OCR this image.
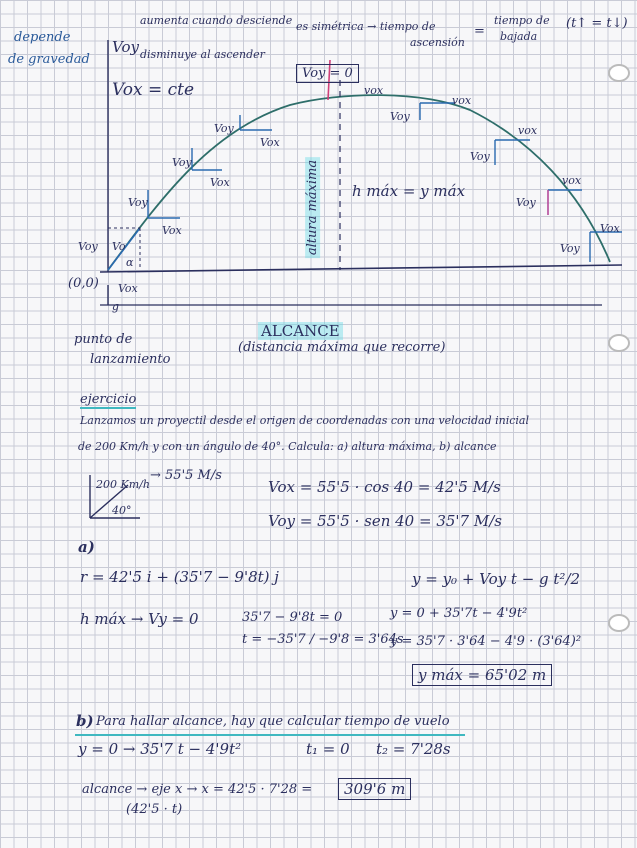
depende
de gravedad
Voy
aumenta cuando desciende
disminuye al ascender
Vox = cte
(0,0)
Voy Vo
α
Vox
g
punto de
lanzamiento
es simétrica → tiempo de
ascensión
=
tiempo de
bajada
(t↑ = t↓)
Voy = 0
Voy
Vox
Voy
Vox
Voy
Vox
vox
vox
Voy
vox
Voy
vox
Voy
Vox
Voy
altura máxima h máx = y máx
ALCANCE
(distancia máxima que recorre)
ejercicio
Lanzamos un proyectil desde el origen de coordenadas con una velocidad inicial
de 200 Km/h y con un ángulo de 40°. Calcula: a) altura máxima, b) alcance
200 Km/h
→ 55'5 M/s
40°
Vox = 55'5 · cos 40 = 42'5 M/s
Voy = 55'5 · sen 40 = 35'7 M/s
a)
r = 42'5 i + (35'7 − 9'8t) j	y = y₀ + Voy t − g t²/2
h máx → Vy = 0	35'7 − 9'8t = 0
t = −35'7 / −9'8 = 3'64s
y = 0 + 35'7t − 4'9t²
y = 35'7 · 3'64 − 4'9 · (3'64)²
y máx = 65'02 m
b) Para hallar alcance, hay que calcular tiempo de vuelo
y = 0 → 35'7 t − 4'9t²	t₁ = 0 t₂ = 7'28s
alcance → eje x → x = 42'5 · 7'28 =	309'6 m
(42'5 · t)
